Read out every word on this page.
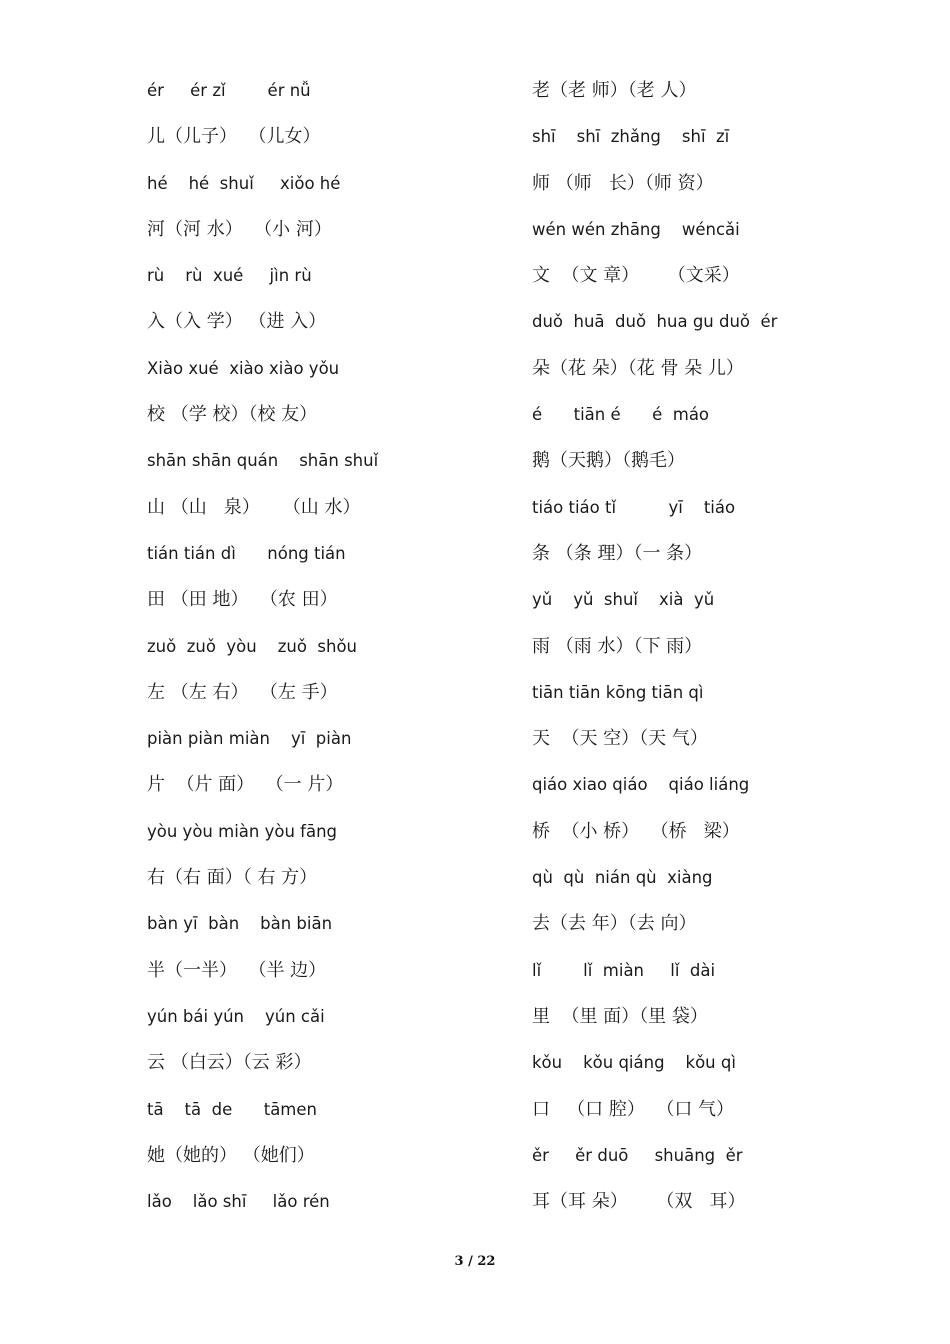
ér     ér zǐ        ér nǚ
儿（儿子）  （儿女）
hé    hé  shuǐ     xiǒo hé
河（河 水）  （小 河）
rù    rù  xué     jìn rù
入（入 学） （进 入）
Xiào xué  xiào xiào yǒu
校 （学 校）（校 友）
shān shān quán    shān shuǐ
山 （山   泉）    （山 水）
tián tián dì      nóng tián
田 （田 地）  （农 田）
zuǒ  zuǒ  yòu    zuǒ  shǒu
左 （左 右）  （左 手）
piàn piàn miàn    yī  piàn
片  （片 面）  （一 片）
yòu yòu miàn yòu fāng
右（右 面）（ 右 方）
bàn yī  bàn    bàn biān
半（一半）  （半 边）
yún bái yún    yún cǎi
云 （白云）（云 彩）
tā    tā  de      tāmen
她（她的） （她们）
lǎo    lǎo shī     lǎo rén
老（老 师）（老 人）
shī    shī  zhǎng    shī  zī
师 （师   长）（师 资）
wén wén zhāng    wéncǎi
文  （文 章）     （文采）
duǒ  huā  duǒ  hua gu duǒ  ér
朵（花 朵）（花 骨 朵 儿）
é      tiān é      é  máo
鹅（天鹅）（鹅毛）
tiáo tiáo tǐ          yī    tiáo
条 （条 理）（一 条）
yǔ    yǔ  shuǐ    xià  yǔ
雨 （雨 水）（下 雨）
tiān tiān kōng tiān qì
天  （天 空）（天 气）
qiáo xiao qiáo    qiáo liáng
桥  （小 桥）  （桥   梁）
qù  qù  nián qù  xiàng
去（去 年）（去 向）
lǐ        lǐ  miàn     lǐ  dài
里  （里 面）（里 袋）
kǒu    kǒu qiáng    kǒu qì
口   （口 腔）  （口 气）
ěr     ěr duō     shuāng  ěr
耳（耳 朵）     （双   耳）
3 / 22
